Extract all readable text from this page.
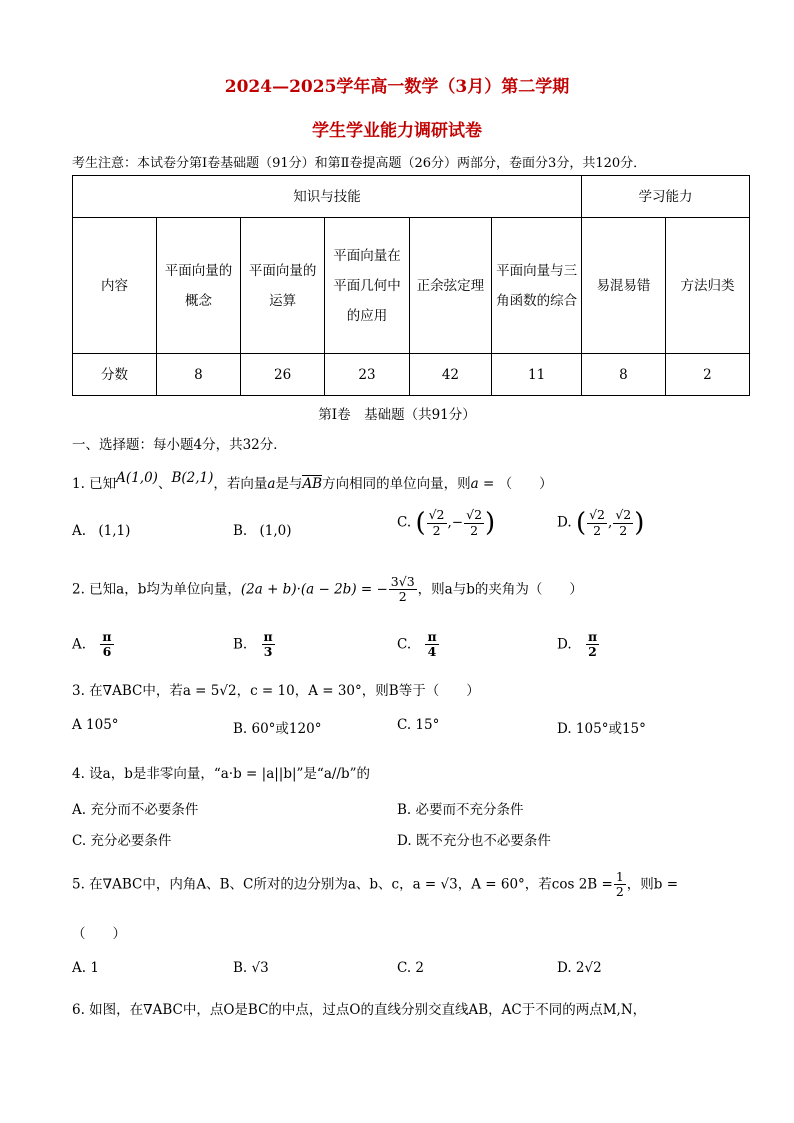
2024—2025学年高一数学（3月）第二学期
学生学业能力调研试卷
考生注意：本试卷分第Ⅰ卷基础题（91分）和第Ⅱ卷提高题（26分）两部分，卷面分3分，共120分．
知识与技能						学习能力	
内容	平面向量的概念	平面向量的运算	平面向量在平面几何中的应用	正余弦定理	平面向量与三角函数的综合	易混易错	方法归类
分数	8	26	23	42	11	8	2
第Ⅰ卷　基础题（共91分）
一、选择题：每小题4分，共32分．
1. 已知A(1,0)、B(2,1)，若向量a是与AB方向相同的单位向量，则a = （　　）
A. (1,1)	B. (1,0)
C. ( $\frac{√2}{2}$ ,− $\frac{√2}{2}$ )	D. ( $\frac{√2}{2}$ , $\frac{√2}{2}$ )
2. 已知a，b均为单位向量，(2a + b)·(a − 2b) = − $\frac{3√3}{2}$ ，则a与b的夹角为（　　）
A. $\frac{\pi}{6}$	B. $\frac{\pi}{3}$	C. $\frac{\pi}{4}$	D. $\frac{\pi}{2}$
3. 在∇ABC中，若a = 5√2，c = 10，A = 30°，则B等于（　　）
A 105°	B. 60°或120°	C. 15°	D. 105°或15°
4. 设a，b是非零向量，“a·b = |a||b|”是“a//b”的
A. 充分而不必要条件	B. 必要而不充分条件
C. 充分必要条件	D. 既不充分也不必要条件
5. 在∇ABC中，内角A、B、C所对的边分别为a、b、c，a = √3，A = 60°，若$\cos 2B = \frac{1}{2}$ ，则b =
（　　）
A. 1	B. √3	C. 2	D. 2√2
6. 如图，在∇ABC中，点O是BC的中点，过点O的直线分别交直线AB，AC于不同的两点M,N，
